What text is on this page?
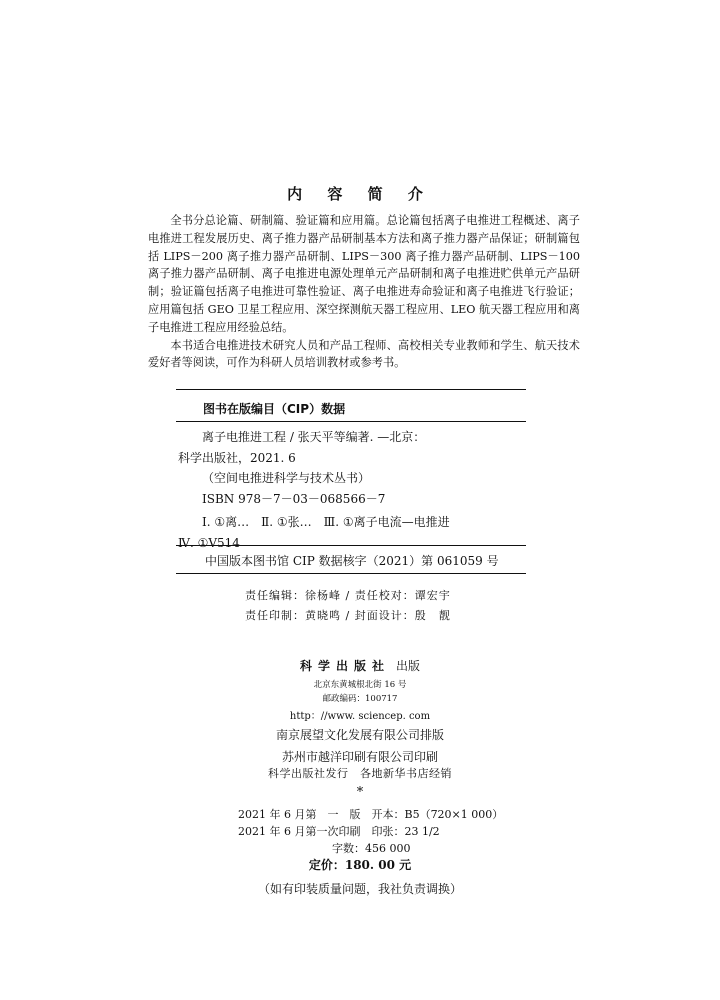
内 容 简 介

全书分总论篇、研制篇、验证篇和应用篇。总论篇包括离子电推进工程概述、离子电推进工程发展历史、离子推力器产品研制基本方法和离子推力器产品保证；研制篇包括 LIPS－200 离子推力器产品研制、LIPS－300 离子推力器产品研制、LIPS－100 离子推力器产品研制、离子电推进电源处理单元产品研制和离子电推进贮供单元产品研制；验证篇包括离子电推进可靠性验证、离子电推进寿命验证和离子电推进飞行验证；应用篇包括 GEO 卫星工程应用、深空探测航天器工程应用、LEO 航天器工程应用和离子电推进工程应用经验总结。

本书适合电推进技术研究人员和产品工程师、高校相关专业教师和学生、航天技术爱好者等阅读，可作为科研人员培训教材或参考书。

图书在版编目（CIP）数据
离子电推进工程 / 张天平等编著. —北京：
科学出版社，2021. 6
（空间电推进科学与技术丛书）
ISBN 978－7－03－068566－7
Ⅰ. ①离…　Ⅱ. ①张…　Ⅲ. ①离子电流—电推进
Ⅳ. ①V514
中国版本图书馆 CIP 数据核字（2021）第 061059 号
责任编辑：徐杨峰 / 责任校对：谭宏宇
责任印制：黄晓鸣 / 封面设计：殷　靓
科学出版社 出版
北京东黄城根北街 16 号
邮政编码：100717
http：//www. sciencep. com
南京展望文化发展有限公司排版
苏州市越洋印刷有限公司印刷
科学出版社发行　各地新华书店经销
*
2021 年 6 月第　一　版　开本：B5（720×1 000）
2021 年 6 月第一次印刷　印张：23 1/2
字数：456 000
定价：180. 00 元
（如有印装质量问题，我社负责调换）
